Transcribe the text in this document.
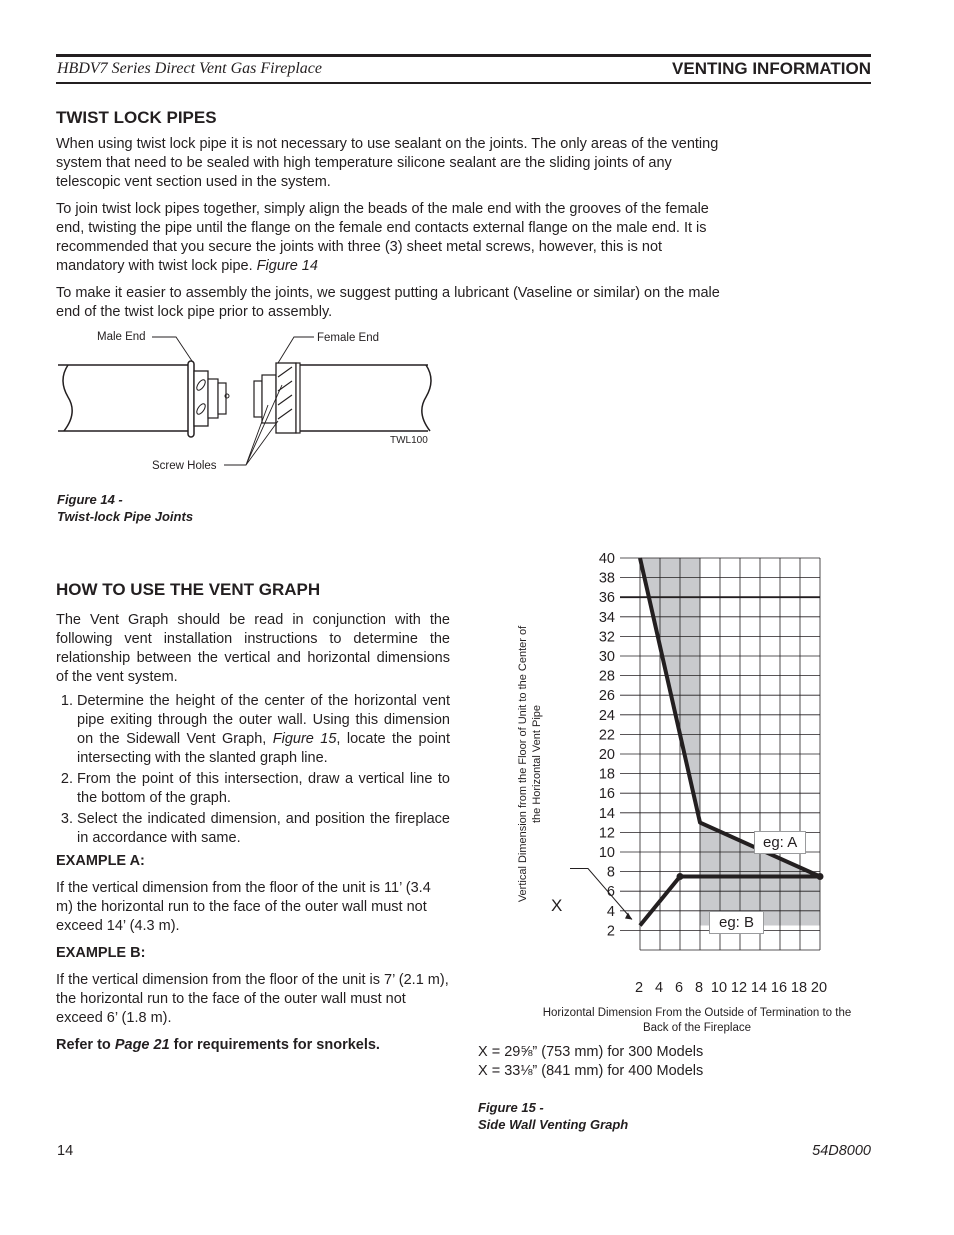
HBDV7 Series Direct Vent Gas Fireplace	VENTING INFORMATION
TWIST LOCK PIPES

When using twist lock pipe it is not necessary to use sealant on the joints. The only areas of the venting system that need to be sealed with high temperature silicone sealant are the sliding joints of any telescopic vent section used in the system.

To join twist lock pipes together, simply align the beads of the male end with the grooves of the female end, twisting the pipe until the flange on the female end contacts external flange on the male end. It is recommended that you secure the joints with three (3) sheet metal screws, however, this is not mandatory with twist lock pipe. Figure 14

To make it easier to assembly the joints, we suggest putting a lubricant (Vaseline or similar) on the male end of the twist lock pipe prior to assembly.

Male End	Female End
Screw Holes
TWL100
Figure 14 -
Twist-lock Pipe Joints
HOW TO USE THE VENT GRAPH

The Vent Graph should be read in conjunction with the following vent installation instructions to determine the relationship between the vertical and horizontal dimensions of the vent system.

1. Determine the height of the center of the horizontal vent pipe exiting through the outer wall. Using this dimension on the Sidewall Vent Graph, Figure 15, locate the point intersecting with the slanted graph line.
2. From the point of this intersection, draw a vertical line to the bottom of the graph.
3. Select the indicated dimension, and position the fireplace in accordance with same.

EXAMPLE A:

If the vertical dimension from the floor of the unit is 11’ (3.4 m) the horizontal run to the face of the outer wall must not exceed 14’ (4.3 m).

EXAMPLE B:

If the vertical dimension from the floor of the unit is 7’ (2.1 m), the horizontal run to the face of the outer wall must not exceed 6’ (1.8 m).

Refer to Page 21 for requirements for snorkels.

2
4
6
8
10
12
14
16
18
20
22
24
26
28
30
32
34
36
38
40
2 4 6 8 10 12 14 16 18 20
Vertical Dimension from the Floor of Unit to the Center of the Horizontal Vent Pipe
X
eg: A
eg: B
Horizontal Dimension From the Outside of Termination to the Back of the Fireplace
X = 29⅝” (753 mm) for 300 Models
X = 33⅛” (841 mm) for 400 Models
Figure 15 -
Side Wall Venting Graph
14	54D8000
